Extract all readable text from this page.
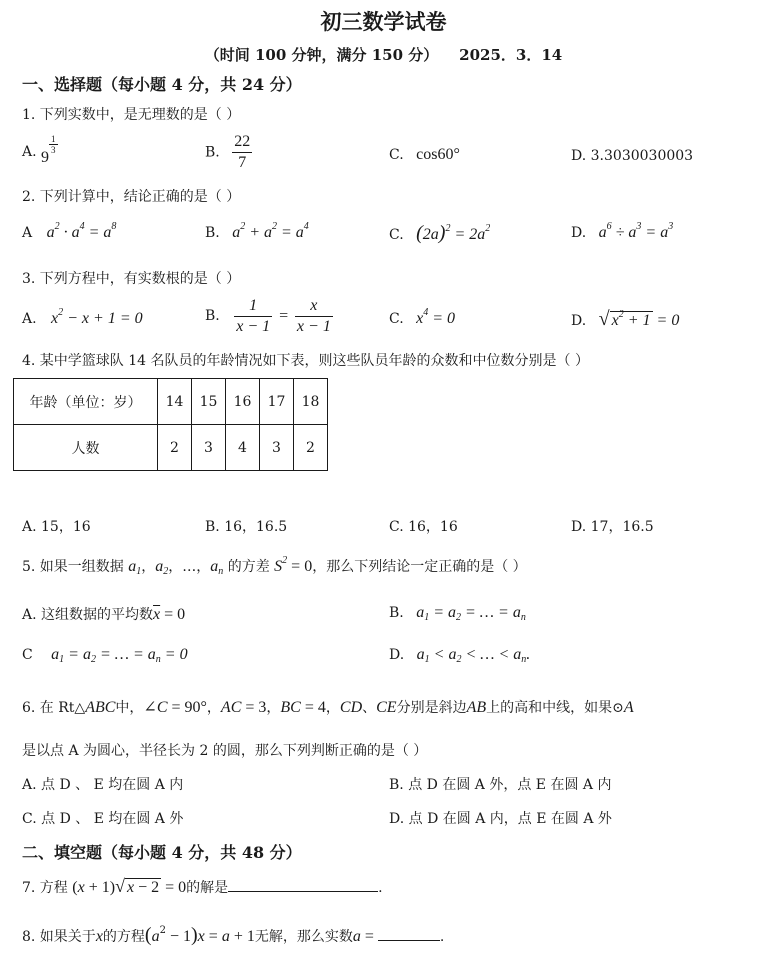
初三数学试卷
（时间 100 分钟，满分 150 分）    2025．3．14
一、选择题（每小题 4 分，共 24 分）
1. 下列实数中，是无理数的是（ ）
A. 9
$\frac{1}{3}$	B. $\frac{22}{7}$	C. cos60°	D. 3.3030030003
2. 下列计算中，结论正确的是（ ）
A $a^2 \cdot a^4 = a^8$	B. $a^2 + a^2 = a^4$
C. $(2a)^2 = 2a^2$	D. $a^6 \div a^3 = a^3$
3. 下列方程中，有实数根的是（ ）
A. $x^2 - x + 1 = 0$	B. $\frac{1}{x - 1} = \frac{x}{x - 1}$	C. $x^4 = 0$	D. √ $x^2 + 1 = 0$
4. 某中学篮球队 14 名队员的年龄情况如下表，则这些队员年龄的众数和中位数分别是（ ）
年龄（单位：岁）	14	15	16	17	18
人数	2	3	4	3	2
A. 15，16	B. 16，16.5	C. 16，16	D. 17，16.5
5. 如果一组数据 $a_1$，$a_2$，…，$a_n$ 的方差 $S^2 = 0$，那么下列结论一定正确的是（ ）
A. 这组数据的平均数$\overline{x} = 0$	B. $a_1 = a_2$ = … = $a_n$
C $a_1 = a_2$ = … = $a_n = 0$	D. $a_1 < a_2$ < … < $a_n$.
6. 在 Rt△ABC中，∠C = 90°，AC = 3，BC = 4，CD、CE分别是斜边AB上的高和中线，如果⊙A
是以点 A 为圆心，半径长为 2 的圆，那么下列判断正确的是（ ）
A. 点 D 、 E 均在圆 A 内	B. 点 D 在圆 A 外，点 E 在圆 A 内
C. 点 D 、 E 均在圆 A 外	D. 点 D 在圆 A 内，点 E 在圆 A 外
二、填空题（每小题 4 分，共 48 分）
7. 方程 (x + 1)√ x − 2 = 0的解是	.
8. 如果关于x的方程$(a^2 - 1)x = a + 1$无解，那么实数a =	.
